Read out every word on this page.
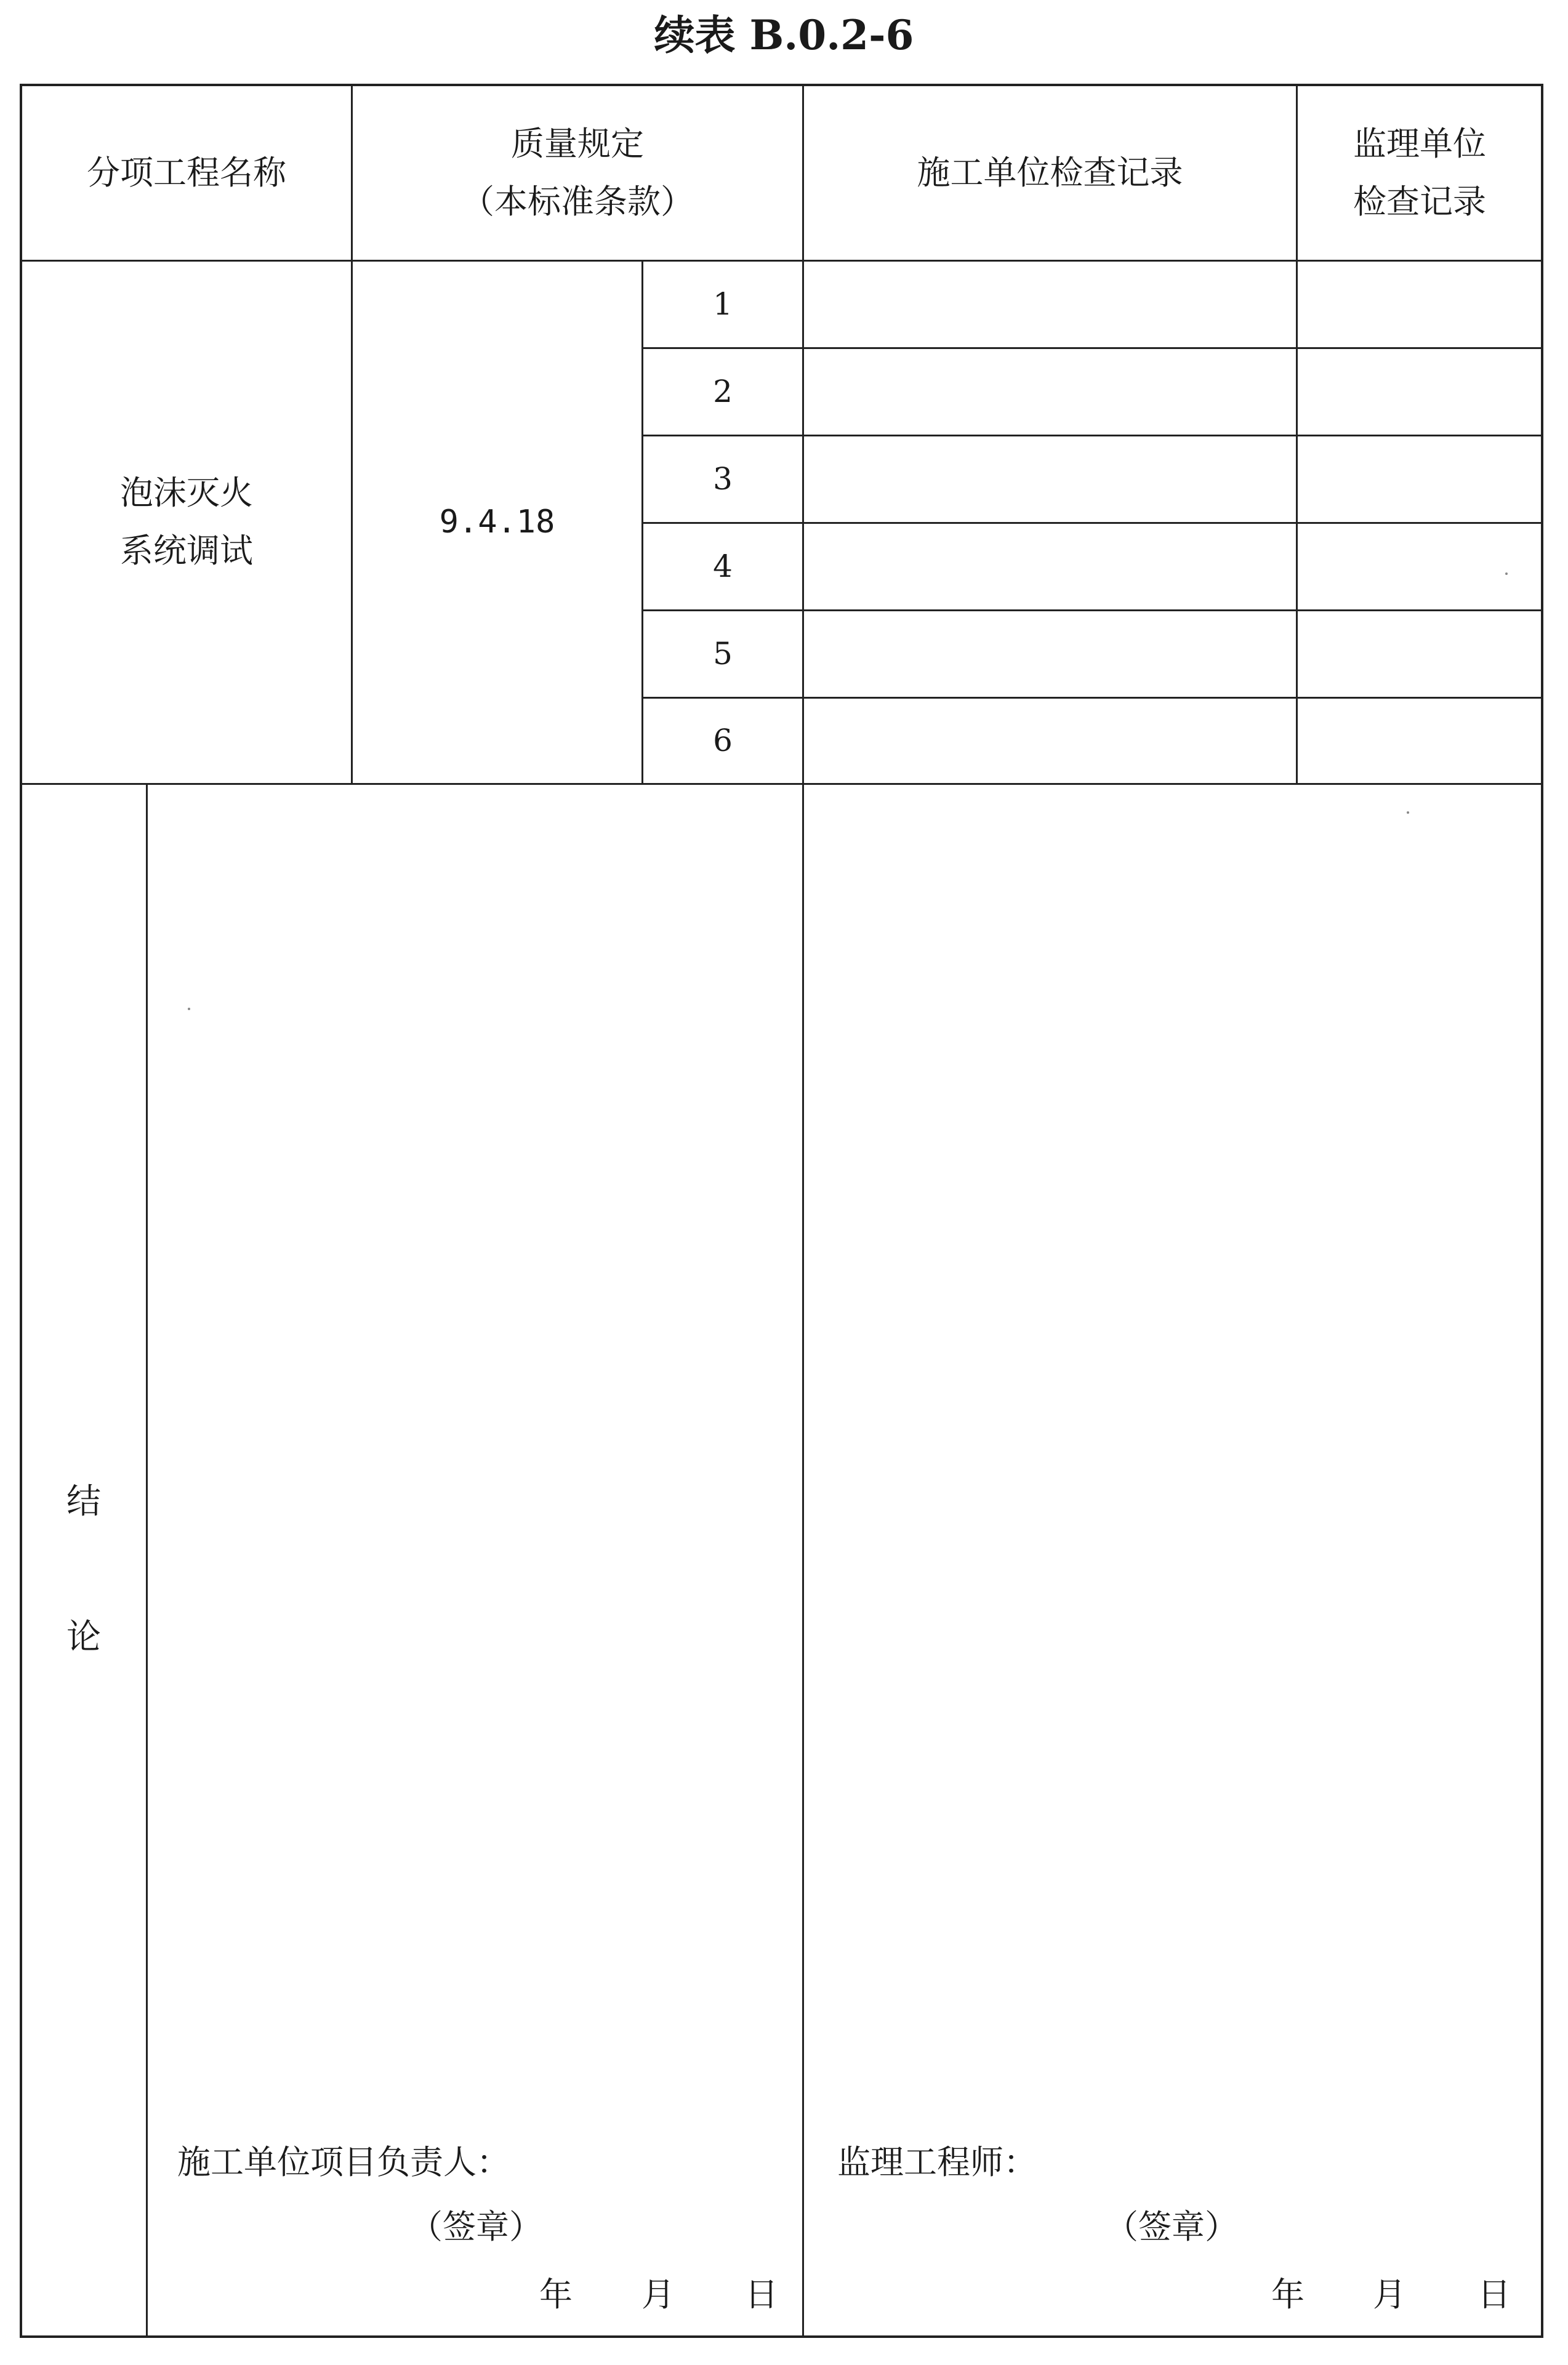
续表 B.0.2-6
分项工程名称
质量规定
（本标准条款）
施工单位检查记录
监理单位
检查记录
泡沫灭火
系统调试
9.4.18
1
2
3
4
5
6
结
论
施工单位项目负责人：
（签章）
年 月 日
监理工程师：
（签章）
年 月 日
